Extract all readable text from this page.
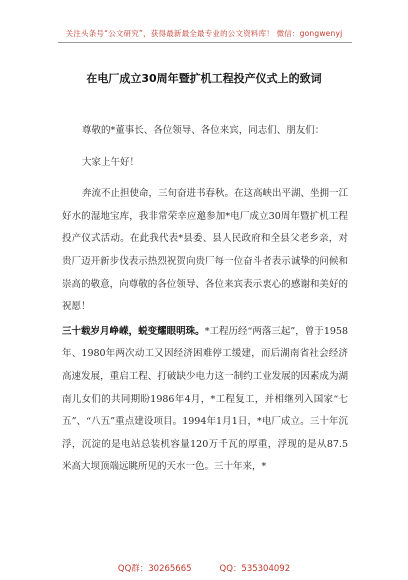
关注头条号“公文研究”，获得最新最全最专业的公文资料库！ 微信：gongwenyj
在电厂成立30周年暨扩机工程投产仪式上的致词

尊敬的*董事长、各位领导、各位来宾，同志们、朋友们：

大家上午好！

奔流不止担使命，三旬奋进书春秋。在这高峡出平湖、坐拥一江好水的湿地宝库，我非常荣幸应邀参加*电厂成立30周年暨扩机工程投产仪式活动。在此我代表*县委、县人民政府和全县父老乡亲，对贵厂迈开新步伐表示热烈祝贺向贵厂每一位奋斗者表示诚挚的问候和崇高的敬意，向尊敬的各位领导、各位来宾表示衷心的感谢和美好的祝愿！

三十载岁月峥嵘，蜕变耀眼明珠。*工程历经“两落三起”，曾于1958年、1980年两次动工又因经济困难停工缓建，而后湖南省社会经济高速发展，重启工程、打破缺少电力这一制约工业发展的因素成为湖南儿女们的共同期盼1986年4月，*工程复工，并相继列入国家“七五”、“八五”重点建设项目。1994年1月1日，*电厂成立。三十年沉浮，沉淀的是电站总装机容量120万千瓦的厚重，浮现的是从87.5米高大坝顶端远眺所见的天水一色。三十年来，*

QQ群：30265665	QQ：535304092
